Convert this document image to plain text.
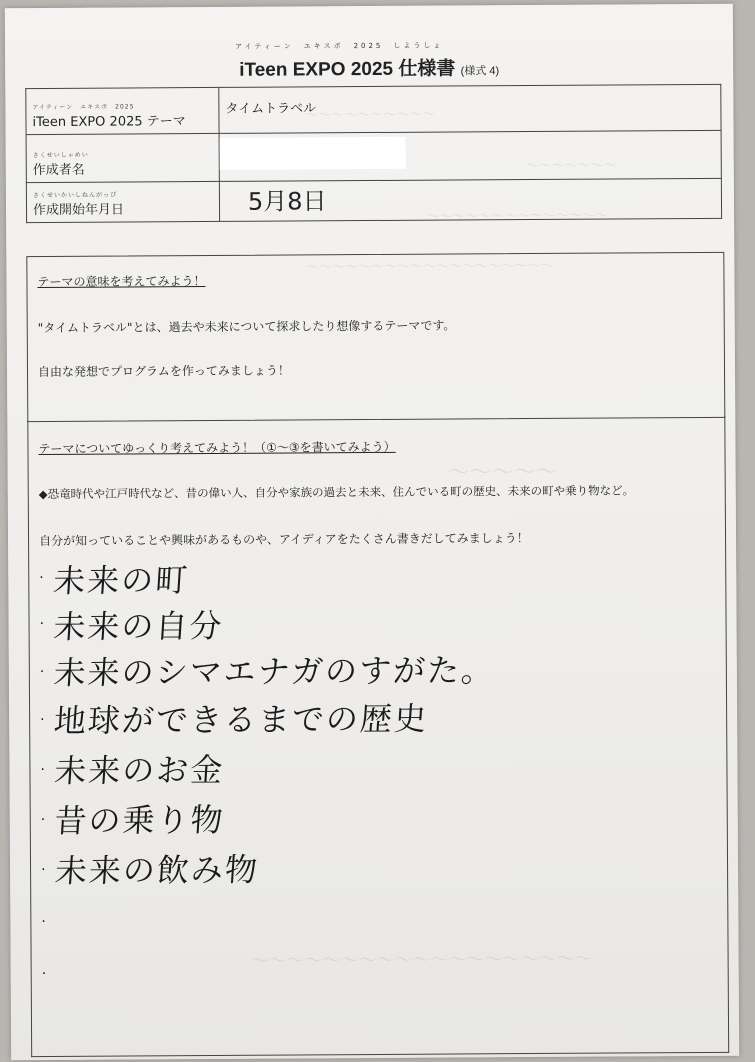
～～～～～～～～～～
～～～～～～～
～～～～～～～～～～～～～～
～～～～～～～～～～～～～～～～～～～
～～～～～
～～～～～～～～～～～～～～～～～～～
アイティーン　エキスポ　2025　しようしょ
iTeen EXPO 2025 仕様書 (様式 4)
アイティーン　エキスポ　2025
iTeen EXPO 2025 テーマ	タイムトラベル

さくせいしゃめい
作成者名	

さくせいかいしねんがっぴ
作成開始年月日	5月8日
テーマの意味を考えてみよう！
"タイムトラベル"とは、過去や未来について探求したり想像するテーマです。
自由な発想でプログラムを作ってみましょう！
テーマについてゆっくり考えてみよう！（①～③を書いてみよう）
◆恐竜時代や江戸時代など、昔の偉い人、自分や家族の過去と未来、住んでいる町の歴史、未来の町や乗り物など。
自分が知っていることや興味があるものや、アイディアをたくさん書きだしてみましょう！
· 未来の町
· 未来の自分
· 未来のシマエナガのすがた。
· 地球ができるまでの歴史
· 未来のお金
· 昔の乗り物
· 未来の飲み物
·
·
